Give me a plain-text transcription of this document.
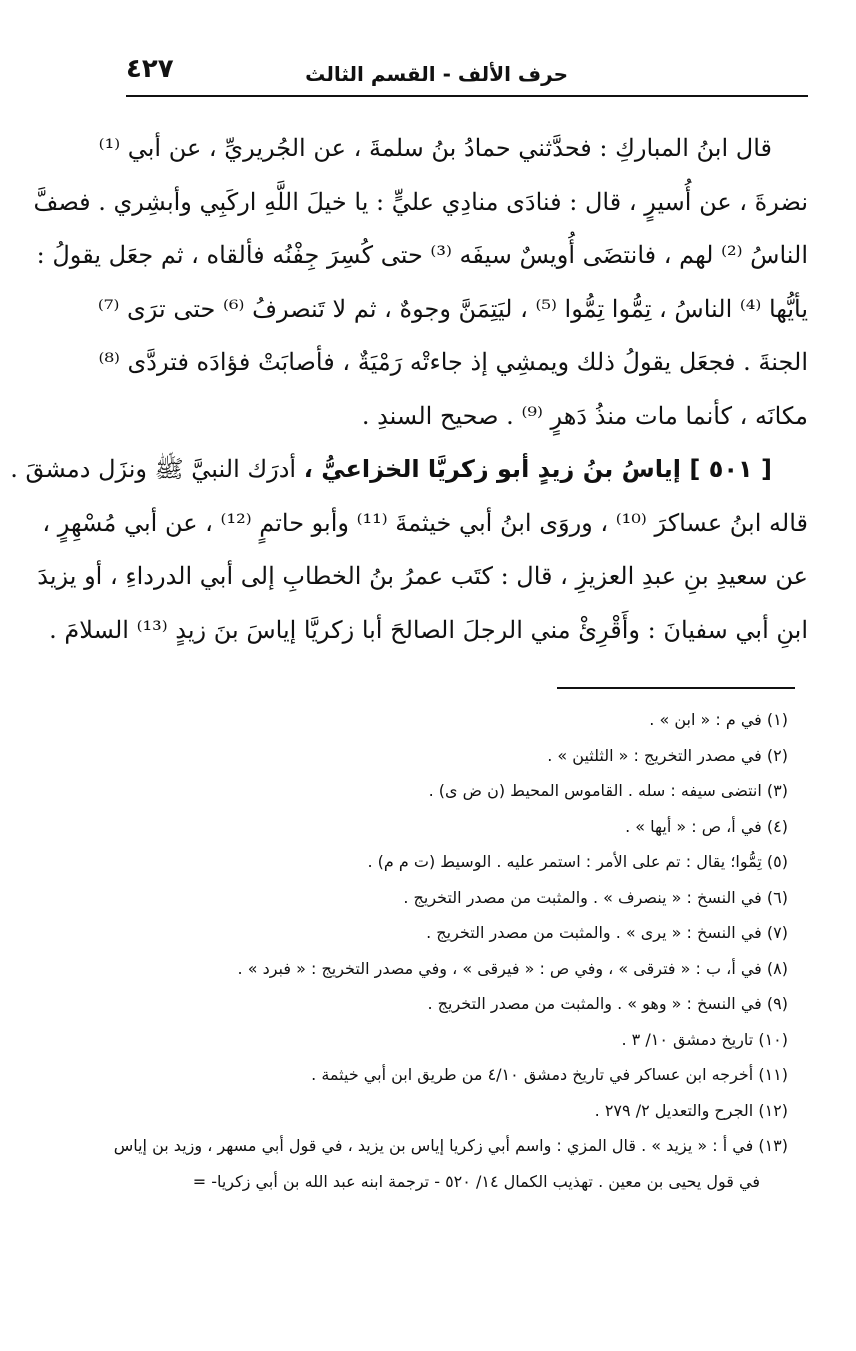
حرف الألف - القسم الثالث
٤٢٧
قال ابنُ المباركِ : فحدَّثني حمادُ بنُ سلمةَ ، عن الجُريريِّ ، عن أبي ⁽¹⁾
نضرةَ ، عن أُسيرٍ ، قال : فنادَى منادِي عليٍّ : يا خيلَ اللَّهِ اركَبِي وأبشِري . فصفَّ
الناسُ ⁽²⁾ لهم ، فانتضَى أُويسٌ سيفَه ⁽³⁾ حتى كُسِرَ جِفْنُه فألقاه ، ثم جعَل يقولُ :
يأيُّها ⁽⁴⁾ الناسُ ، تِمُّوا تِمُّوا ⁽⁵⁾ ، ليَتِمَنَّ وجوهٌ ، ثم لا تَنصرفُ ⁽⁶⁾ حتى ترَى ⁽⁷⁾
الجنةَ . فجعَل يقولُ ذلك ويمشِي إذ جاءتْه رَمْيَةٌ ، فأصابَتْ فؤادَه فتردَّى ⁽⁸⁾
مكانَه ، كأنما مات منذُ دَهرٍ ⁽⁹⁾ . صحيح السندِ .
[ ٥٠١ ] إياسُ بنُ زيدٍ أبو زكريَّا الخزاعيُّ ، أدرَك النبيَّ ﷺ ونزَل دمشقَ .
قاله ابنُ عساكرَ ⁽¹⁰⁾ ، وروَى ابنُ أبي خيثمةَ ⁽¹¹⁾ وأبو حاتمٍ ⁽¹²⁾ ، عن أبي مُسْهِرٍ ،
عن سعيدِ بنِ عبدِ العزيزِ ، قال : كتَب عمرُ بنُ الخطابِ إلى أبي الدرداءِ ، أو يزيدَ
ابنِ أبي سفيانَ : وأَقْرِئْ مني الرجلَ الصالحَ أبا زكريَّا إياسَ بنَ زيدٍ ⁽¹³⁾ السلامَ .
(١) في م : « ابن » .
(٢) في مصدر التخريج : « الثلثين » .
(٣) انتضى سيفه : سله . القاموس المحيط (ن ض ى) .
(٤) في أ، ص : « أيها » .
(٥) تِمُّوا؛ يقال : تم على الأمر : استمر عليه . الوسيط (ت م م) .
(٦) في النسخ : « ينصرف » . والمثبت من مصدر التخريج .
(٧) في النسخ : « يرى » . والمثبت من مصدر التخريج .
(٨) في أ، ب : « فترقى » ، وفي ص : « فيرقى » ، وفي مصدر التخريج : « فبرد » .
(٩) في النسخ : « وهو » . والمثبت من مصدر التخريج .
(١٠) تاريخ دمشق ١٠/ ٣ .
(١١) أخرجه ابن عساكر في تاريخ دمشق ٤/١٠ من طريق ابن أبي خيثمة .
(١٢) الجرح والتعديل ٢/ ٢٧٩ .
(١٣) في أ : « يزيد » . قال المزي : واسم أبي زكريا إياس بن يزيد ، في قول أبي مسهر ، وزيد بن إياس
في قول يحيى بن معين . تهذيب الكمال ١٤/ ٥٢٠ - ترجمة ابنه عبد الله بن أبي زكريا- =
